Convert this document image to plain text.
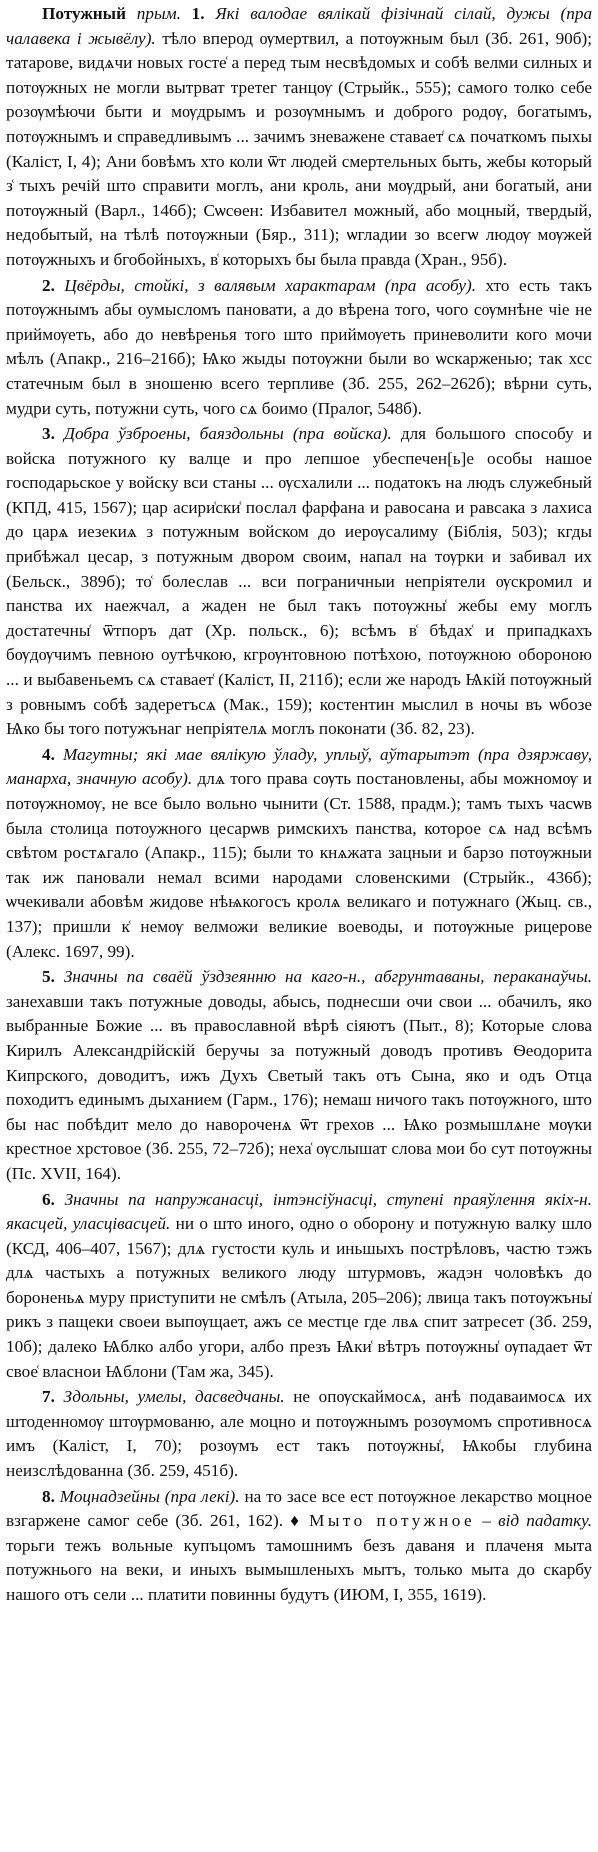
Потужный прым. 1. Які валодае вялікай фізічнай сілай, дужы (пра чалавека і жывёлу). тѣло вперод ѹмертвил, а потѹжным был (Зб. 261, 90б); татарове, видѧчи новых госте͑ а перед тым несвѣдомых и собѣ велми силных и потѹжных не могли вытрват третег танцѹ (Стрыйк., 555); самого толко себе розѹмѣючи быти и мѹдрымъ и розѹмнымъ и доброго родѹ, богатымъ, потѹжнымъ и справедливымъ ... зачимъ зневажене ставает͑ сѧ початкомъ пыхы (Калiст, I, 4); Ани бовѣмъ хто коли ѿт людей смертельных быть, жебы который з͑ тыхъ речiй што справити моглъ, ани кроль, ани мѹдрый, ани богатый, ани потѹжный (Варл., 146б); Сѡсѳен: Избавител можный, або моцный, твердый, недобытый, на тѣлѣ потѹжныи (Бяр., 311); ѡгладии зо всегѡ людѹ мѹжей потѹжныхъ и бгобойныхъ, в͑ которыхъ бы была правда (Хран., 95б).

2. Цвёрды, стойкі, з валявым характарам (пра асобу). хто есть такъ потѹжнымъ абы оумысломъ пановати, а до вѣрена того, чого сѹмнѣне чiе не приймѹеть, або до невѣренья того што приймѹеть приневолити кого мочи мѣлъ (Апакр., 216–216б); Ѩко жыды потѹжни были во ѡскарженью; так хсс статечным был в зношеню всего терпливе (Зб. 255, 262–262б); вѣрни суть, мудри суть, потужни суть, чого сѧ боимо (Пралог, 548б).

3. Добра ўзброены, баяздольны (пра войска). для большого способу и войска потужного ку валце и про лепшое убеспечен[ь]е особы нашое господарьское у войску вси станы ... ѹсхалили ... податокъ на людъ служебный (КПД, 415, 1567); цар асири͑ски͑ послал фарфана и равосана и равсака з лахиса до царѧ иезекиѧ з потужным войском до иерѹсалиму (Біблія, 503); кгды прибѣжал цесар, з потужным двором своим, напал на тѹрки и забивал их (Бельск., 389б); то͑ болеслав ... вси пограничныи непрiятели ѹскромил и панства их наежчал, а жаден не был такъ потѹжны͑ жебы ему моглъ достатечны͑ ѿтпоръ дат (Хр. польск., 6); всѣмъ в͑ бѣдах͑ и припадкахъ бѹдѹчимъ певною оутѣчкою, кгрѹнтовною потѣхою, потѹжною обороною ... и выбавеньемъ сѧ ставает͑ (Калiст, II, 211б); если же народъ Ѩкiй потѹжный з ровнымъ собѣ задеретъсѧ (Мак., 159); костентин мыслил в ночы въ ѡбозе Ѩко бы того потужънаг непрiятелѧ моглъ поконати (Зб. 82, 23).

4. Магутны; які мае вялікую ўладу, уплыў, аўтарытэт (пра дзяржаву, манарха, значную асобу). длѧ того права сѹть постановлены, абы можномѹ и потѹжномѹ, не все было вольно чынити (Ст. 1588, прадм.); тамъ тыхъ часѡв была столица потоужного цесарѡв римскихъ панства, которое сѧ над всѣмъ свѣтом ростѧгало (Апакр., 115); были то кнѧжата зацныи и барзо потѹжныи так иж пановали немал всими народами словенскими (Стрыйк., 436б); ѡчекивали абовѣм жидове нѣѩкогосъ кролѧ великаго и потужнаго (Жыц. св., 137); пришли к͑ немѹ велможи великие воеводы, и потѹжные рицерове (Алекс. 1697, 99).

5. Значны па сваёй ўздзеянню на каго-н., абгрунтаваны, пераканаўчы. занехавши такъ потужные доводы, абысь, поднесши очи свои ... обачилъ, яко выбранные Божие ... въ православной вѣрѣ сiяютъ (Пыт., 8); Которые слова Кирилъ Александрiйскiй беручы за потужный доводъ противъ Ѳеодорита Кипрского, доводитъ, ижъ Духъ Светый такъ отъ Сына, яко и одъ Отца походитъ единымъ дыханием (Гарм., 176); немаш ничого такъ потѹжного, што бы нас побѣдит мело до навороченѧ ѿт грехов ... Ѩко розмышлѧне мѹки крестное хрстовое (Зб. 255, 72–72б); неха͑ ѹслышат слова мои бо сут потѹжны (Пс. XVII, 164).

6. Значны па напружанасці, інтэнсіўнасці, ступені праяўлення якіх-н. якасцей, уласцівасцей. ни о што иного, одно о оборону и потужную валку шло (КСД, 406–407, 1567); длѧ густости куль и иньшыхъ пострѣловъ, частю тэжъ длѧ частыхъ а потужных великого люду штурмовъ, жадэн чоловѣкъ до бороненьѧ муру приступити не смѣлъ (Атыла, 205–206); лвица такъ потѹжъны͑ рикъ з пащеки своеи выпѹщает, ажъ се местце где лвѧ спит затресет (Зб. 259, 10б); далеко Ѩблко албо угори, албо презъ Ѩки͑ вѣтръ потѹжны͑ ѹпадает ѿт свое͑ власнои Ѩблони (Там жа, 345).

7. Здольны, умелы, дасведчаны. не опѹскаймосѧ, анѣ подаваимосѧ их штоденномѹ штѹрмованю, але моцно и потѹжнымъ розѹмомъ спротивносѧ имъ (Калiст, I, 70); розѹмъ ест такъ потѹжны͑, Ѩкобы глубина неизслѣдованна (Зб. 259, 451б).

8. Моцнадзейны (пра лекі). на то засе все ест потѹжное лекарство моцное взгаржене самог себе (Зб. 261, 162). ♦ Мыто потужное – від падатку. торьги тежъ вольные купъцомъ тамошнимъ безъ даваня и плаченя мыта потужнього на веки, и иныхъ вымышленыхъ мытъ, только мыта до скарбу нашого отъ сели ... платити повинны будутъ (ИЮМ, I, 355, 1619).
